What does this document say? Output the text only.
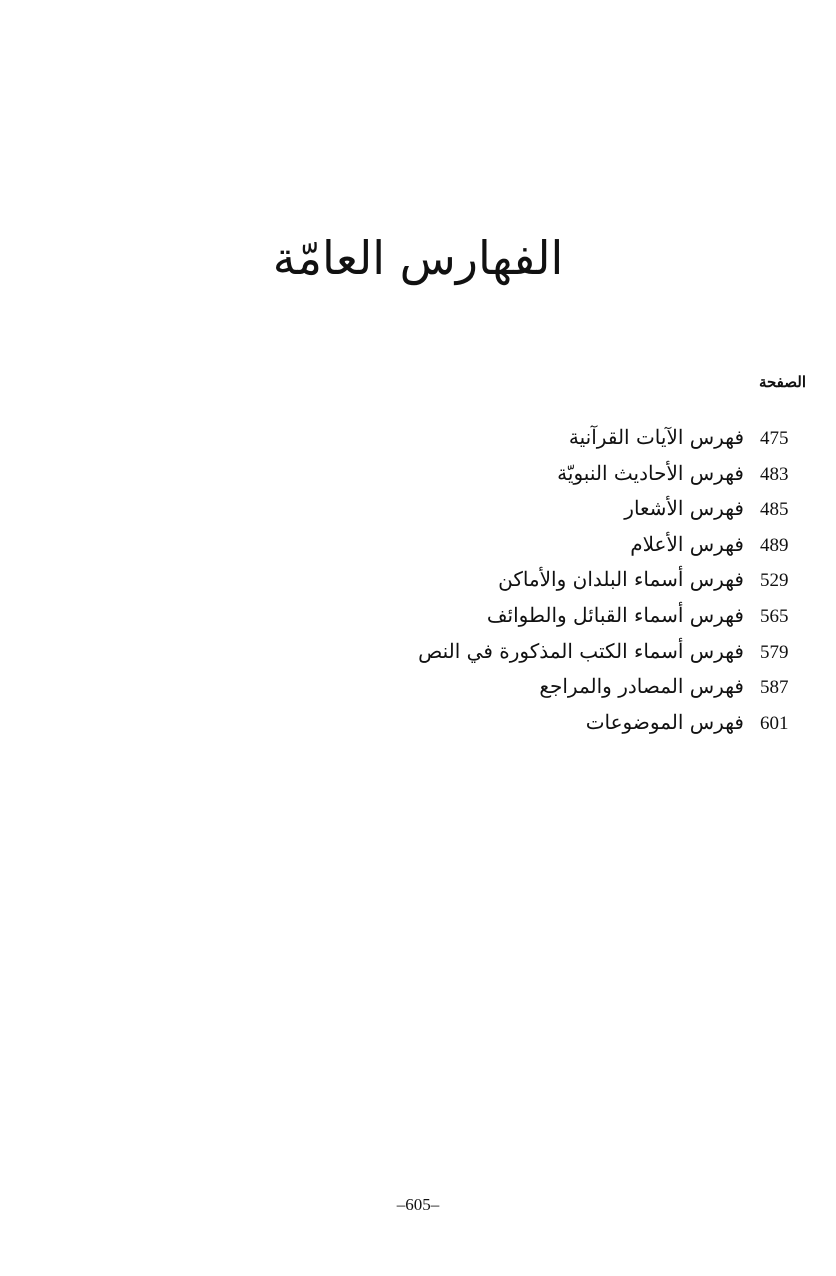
الفهارس العامّة
الصفحة
475
فهرس الآيات القرآنية
483
فهرس الأحاديث النبويّة
485
فهرس الأشعار
489
فهرس الأعلام
529
فهرس أسماء البلدان والأماكن
565
فهرس أسماء القبائل والطوائف
579
فهرس أسماء الكتب المذكورة في النص
587
فهرس المصادر والمراجع
601
فهرس الموضوعات
–605–
